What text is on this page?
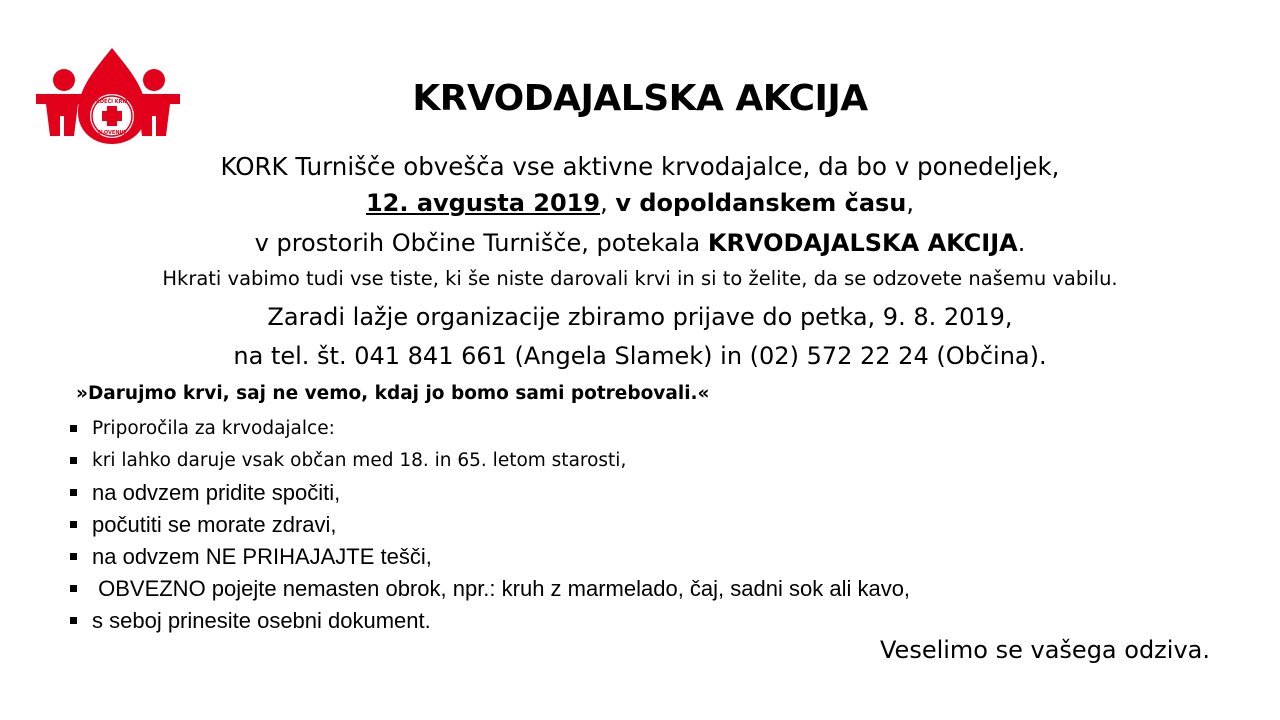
RDEČI KRIŽ
SLOVENIJE
KRVODAJALSKA AKCIJA

KORK Turnišče obvešča vse aktivne krvodajalce, da bo v ponedeljek,

12. avgusta 2019, v dopoldanskem času,

v prostorih Občine Turnišče, potekala KRVODAJALSKA AKCIJA.

Hkrati vabimo tudi vse tiste, ki še niste darovali krvi in si to želite, da se odzovete našemu vabilu.

Zaradi lažje organizacije zbiramo prijave do petka, 9. 8. 2019,

na tel. št. 041 841 661 (Angela Slamek) in (02) 572 22 24 (Občina).

»Darujmo krvi, saj ne vemo, kdaj jo bomo sami potrebovali.«

Priporočila za krvodajalce:
kri lahko daruje vsak občan med 18. in 65. letom starosti,
na odvzem pridite spočiti,
počutiti se morate zdravi,
na odvzem NE PRIHAJAJTE tešči,
OBVEZNO pojejte nemasten obrok, npr.: kruh z marmelado, čaj, sadni sok ali kavo,
s seboj prinesite osebni dokument.

Veselimo se vašega odziva.
